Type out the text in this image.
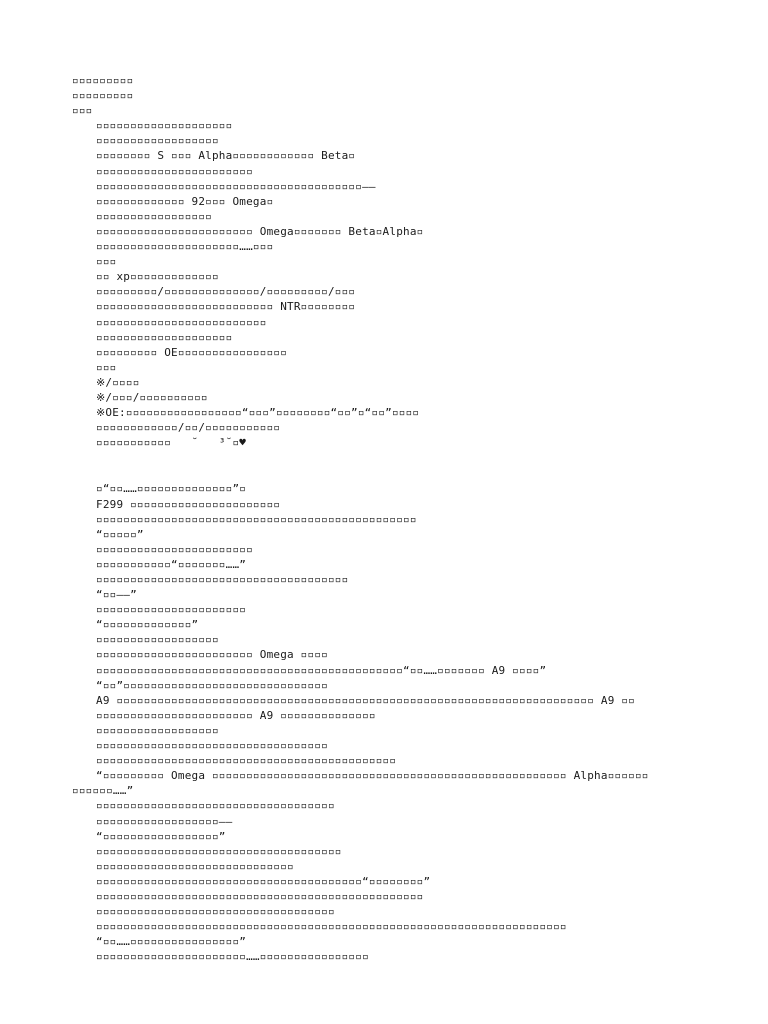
▫▫▫▫▫▫▫▫▫
▫▫▫▫▫▫▫▫▫
▫▫▫
▫▫▫▫▫▫▫▫▫▫▫▫▫▫▫▫▫▫▫▫
▫▫▫▫▫▫▫▫▫▫▫▫▫▫▫▫▫▫
▫▫▫▫▫▫▫▫ S ▫▫▫ Alpha▫▫▫▫▫▫▫▫▫▫▫▫ Beta▫
▫▫▫▫▫▫▫▫▫▫▫▫▫▫▫▫▫▫▫▫▫▫▫
▫▫▫▫▫▫▫▫▫▫▫▫▫▫▫▫▫▫▫▫▫▫▫▫▫▫▫▫▫▫▫▫▫▫▫▫▫▫▫——
▫▫▫▫▫▫▫▫▫▫▫▫▫ 92▫▫▫ Omega▫
▫▫▫▫▫▫▫▫▫▫▫▫▫▫▫▫▫
▫▫▫▫▫▫▫▫▫▫▫▫▫▫▫▫▫▫▫▫▫▫▫ Omega▫▫▫▫▫▫▫ Beta▫Alpha▫
▫▫▫▫▫▫▫▫▫▫▫▫▫▫▫▫▫▫▫▫▫……▫▫▫
▫▫▫
▫▫ xp▫▫▫▫▫▫▫▫▫▫▫▫▫
▫▫▫▫▫▫▫▫▫/▫▫▫▫▫▫▫▫▫▫▫▫▫▫/▫▫▫▫▫▫▫▫▫/▫▫▫
▫▫▫▫▫▫▫▫▫▫▫▫▫▫▫▫▫▫▫▫▫▫▫▫▫▫ NTR▫▫▫▫▫▫▫▫
▫▫▫▫▫▫▫▫▫▫▫▫▫▫▫▫▫▫▫▫▫▫▫▫▫
▫▫▫▫▫▫▫▫▫▫▫▫▫▫▫▫▫▫▫▫
▫▫▫▫▫▫▫▫▫ OE▫▫▫▫▫▫▫▫▫▫▫▫▫▫▫▫
▫▫▫
※/▫▫▫▫
※/▫▫▫/▫▫▫▫▫▫▫▫▫▫
※OE:▫▫▫▫▫▫▫▫▫▫▫▫▫▫▫▫▫“▫▫▫”▫▫▫▫▫▫▫▫“▫▫”▫“▫▫”▫▫▫▫
▫▫▫▫▫▫▫▫▫▫▫▫/▫▫/▫▫▫▫▫▫▫▫▫▫▫
▫▫▫▫▫▫▫▫▫▫▫   ˘   ³˘▫♥

▫“▫▫……▫▫▫▫▫▫▫▫▫▫▫▫▫▫”▫
F299 ▫▫▫▫▫▫▫▫▫▫▫▫▫▫▫▫▫▫▫▫▫▫
▫▫▫▫▫▫▫▫▫▫▫▫▫▫▫▫▫▫▫▫▫▫▫▫▫▫▫▫▫▫▫▫▫▫▫▫▫▫▫▫▫▫▫▫▫▫▫
“▫▫▫▫▫”
▫▫▫▫▫▫▫▫▫▫▫▫▫▫▫▫▫▫▫▫▫▫▫
▫▫▫▫▫▫▫▫▫▫▫“▫▫▫▫▫▫▫……”
▫▫▫▫▫▫▫▫▫▫▫▫▫▫▫▫▫▫▫▫▫▫▫▫▫▫▫▫▫▫▫▫▫▫▫▫▫
“▫▫——”
▫▫▫▫▫▫▫▫▫▫▫▫▫▫▫▫▫▫▫▫▫▫
“▫▫▫▫▫▫▫▫▫▫▫▫▫”
▫▫▫▫▫▫▫▫▫▫▫▫▫▫▫▫▫▫
▫▫▫▫▫▫▫▫▫▫▫▫▫▫▫▫▫▫▫▫▫▫▫ Omega ▫▫▫▫
▫▫▫▫▫▫▫▫▫▫▫▫▫▫▫▫▫▫▫▫▫▫▫▫▫▫▫▫▫▫▫▫▫▫▫▫▫▫▫▫▫▫▫▫▫“▫▫……▫▫▫▫▫▫▫ A9 ▫▫▫▫”
“▫▫”▫▫▫▫▫▫▫▫▫▫▫▫▫▫▫▫▫▫▫▫▫▫▫▫▫▫▫▫▫▫
A9 ▫▫▫▫▫▫▫▫▫▫▫▫▫▫▫▫▫▫▫▫▫▫▫▫▫▫▫▫▫▫▫▫▫▫▫▫▫▫▫▫▫▫▫▫▫▫▫▫▫▫▫▫▫▫▫▫▫▫▫▫▫▫▫▫▫▫▫▫▫▫ A9 ▫▫
▫▫▫▫▫▫▫▫▫▫▫▫▫▫▫▫▫▫▫▫▫▫▫ A9 ▫▫▫▫▫▫▫▫▫▫▫▫▫▫
▫▫▫▫▫▫▫▫▫▫▫▫▫▫▫▫▫▫
▫▫▫▫▫▫▫▫▫▫▫▫▫▫▫▫▫▫▫▫▫▫▫▫▫▫▫▫▫▫▫▫▫▫
▫▫▫▫▫▫▫▫▫▫▫▫▫▫▫▫▫▫▫▫▫▫▫▫▫▫▫▫▫▫▫▫▫▫▫▫▫▫▫▫▫▫▫▫
“▫▫▫▫▫▫▫▫▫ Omega ▫▫▫▫▫▫▫▫▫▫▫▫▫▫▫▫▫▫▫▫▫▫▫▫▫▫▫▫▫▫▫▫▫▫▫▫▫▫▫▫▫▫▫▫▫▫▫▫▫▫▫▫ Alpha▫▫▫▫▫▫
▫▫▫▫▫▫……”
▫▫▫▫▫▫▫▫▫▫▫▫▫▫▫▫▫▫▫▫▫▫▫▫▫▫▫▫▫▫▫▫▫▫▫
▫▫▫▫▫▫▫▫▫▫▫▫▫▫▫▫▫▫——
“▫▫▫▫▫▫▫▫▫▫▫▫▫▫▫▫▫”
▫▫▫▫▫▫▫▫▫▫▫▫▫▫▫▫▫▫▫▫▫▫▫▫▫▫▫▫▫▫▫▫▫▫▫▫
▫▫▫▫▫▫▫▫▫▫▫▫▫▫▫▫▫▫▫▫▫▫▫▫▫▫▫▫▫
▫▫▫▫▫▫▫▫▫▫▫▫▫▫▫▫▫▫▫▫▫▫▫▫▫▫▫▫▫▫▫▫▫▫▫▫▫▫▫“▫▫▫▫▫▫▫▫”
▫▫▫▫▫▫▫▫▫▫▫▫▫▫▫▫▫▫▫▫▫▫▫▫▫▫▫▫▫▫▫▫▫▫▫▫▫▫▫▫▫▫▫▫▫▫▫▫
▫▫▫▫▫▫▫▫▫▫▫▫▫▫▫▫▫▫▫▫▫▫▫▫▫▫▫▫▫▫▫▫▫▫▫
▫▫▫▫▫▫▫▫▫▫▫▫▫▫▫▫▫▫▫▫▫▫▫▫▫▫▫▫▫▫▫▫▫▫▫▫▫▫▫▫▫▫▫▫▫▫▫▫▫▫▫▫▫▫▫▫▫▫▫▫▫▫▫▫▫▫▫▫▫
“▫▫……▫▫▫▫▫▫▫▫▫▫▫▫▫▫▫▫”
▫▫▫▫▫▫▫▫▫▫▫▫▫▫▫▫▫▫▫▫▫▫……▫▫▫▫▫▫▫▫▫▫▫▫▫▫▫▫
